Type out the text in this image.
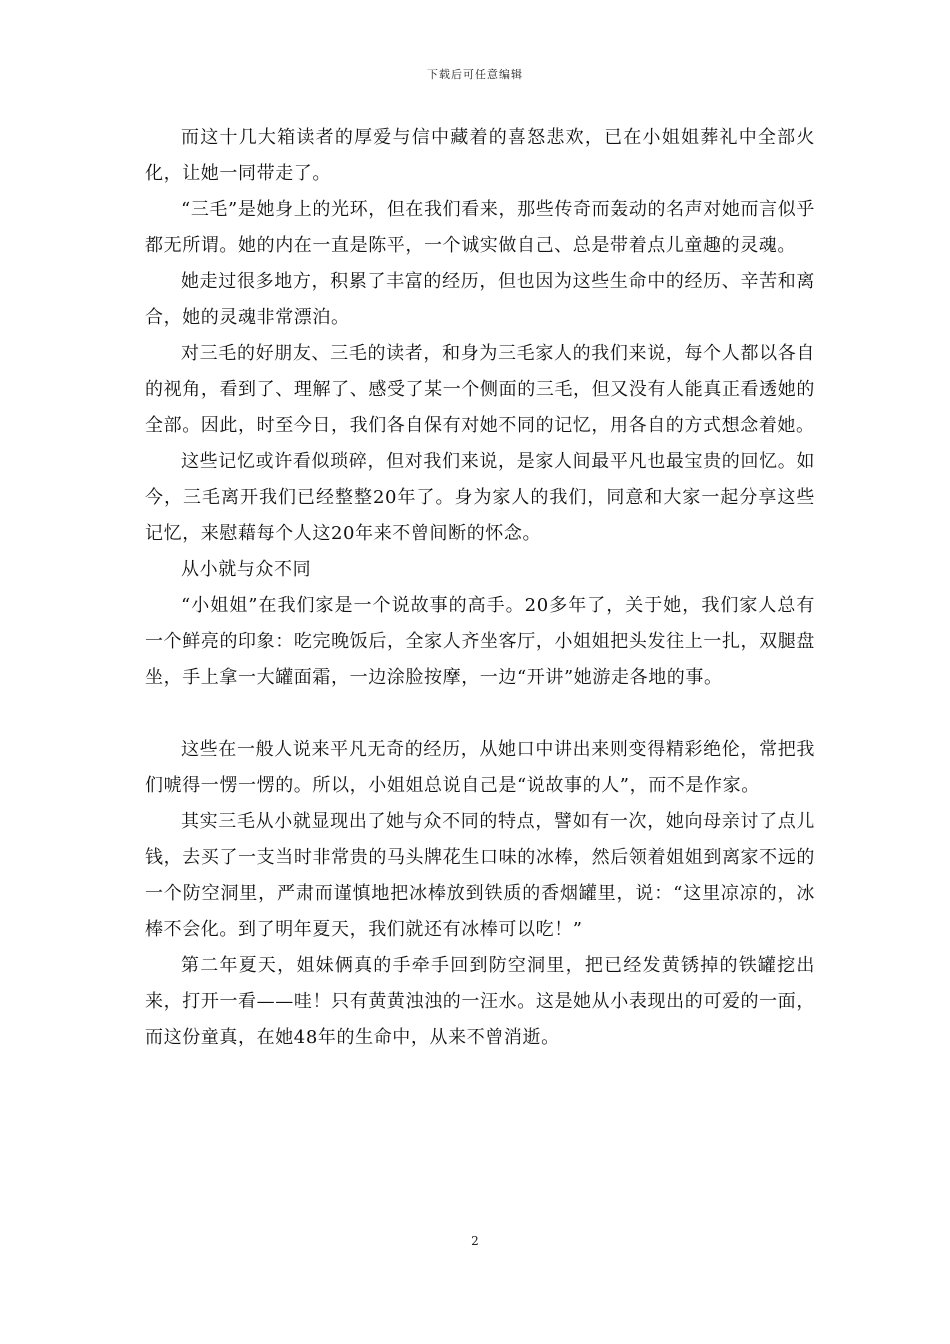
下载后可任意编辑

而这十几大箱读者的厚爱与信中藏着的喜怒悲欢，已在小姐姐葬礼中全部火化，让她一同带走了。

“三毛”是她身上的光环，但在我们看来，那些传奇而轰动的名声对她而言似乎都无所谓。她的内在一直是陈平，一个诚实做自己、总是带着点儿童趣的灵魂。

她走过很多地方，积累了丰富的经历，但也因为这些生命中的经历、辛苦和离合，她的灵魂非常漂泊。

对三毛的好朋友、三毛的读者，和身为三毛家人的我们来说，每个人都以各自的视角，看到了、理解了、感受了某一个侧面的三毛，但又没有人能真正看透她的全部。因此，时至今日，我们各自保有对她不同的记忆，用各自的方式想念着她。

这些记忆或许看似琐碎，但对我们来说，是家人间最平凡也最宝贵的回忆。如今，三毛离开我们已经整整20年了。身为家人的我们，同意和大家一起分享这些记忆，来慰藉每个人这20年来不曾间断的怀念。

从小就与众不同

“小姐姐”在我们家是一个说故事的高手。20多年了，关于她，我们家人总有一个鲜亮的印象：吃完晚饭后，全家人齐坐客厅，小姐姐把头发往上一扎，双腿盘坐，手上拿一大罐面霜，一边涂脸按摩，一边“开讲”她游走各地的事。

这些在一般人说来平凡无奇的经历，从她口中讲出来则变得精彩绝伦，常把我们唬得一愣一愣的。所以，小姐姐总说自己是“说故事的人”，而不是作家。

其实三毛从小就显现出了她与众不同的特点，譬如有一次，她向母亲讨了点儿钱，去买了一支当时非常贵的马头牌花生口味的冰棒，然后领着姐姐到离家不远的一个防空洞里，严肃而谨慎地把冰棒放到铁质的香烟罐里，说：“这里凉凉的，冰棒不会化。到了明年夏天，我们就还有冰棒可以吃！”

第二年夏天，姐妹俩真的手牵手回到防空洞里，把已经发黄锈掉的铁罐挖出来，打开一看——哇！只有黄黄浊浊的一汪水。这是她从小表现出的可爱的一面，而这份童真，在她48年的生命中，从来不曾消逝。

2
